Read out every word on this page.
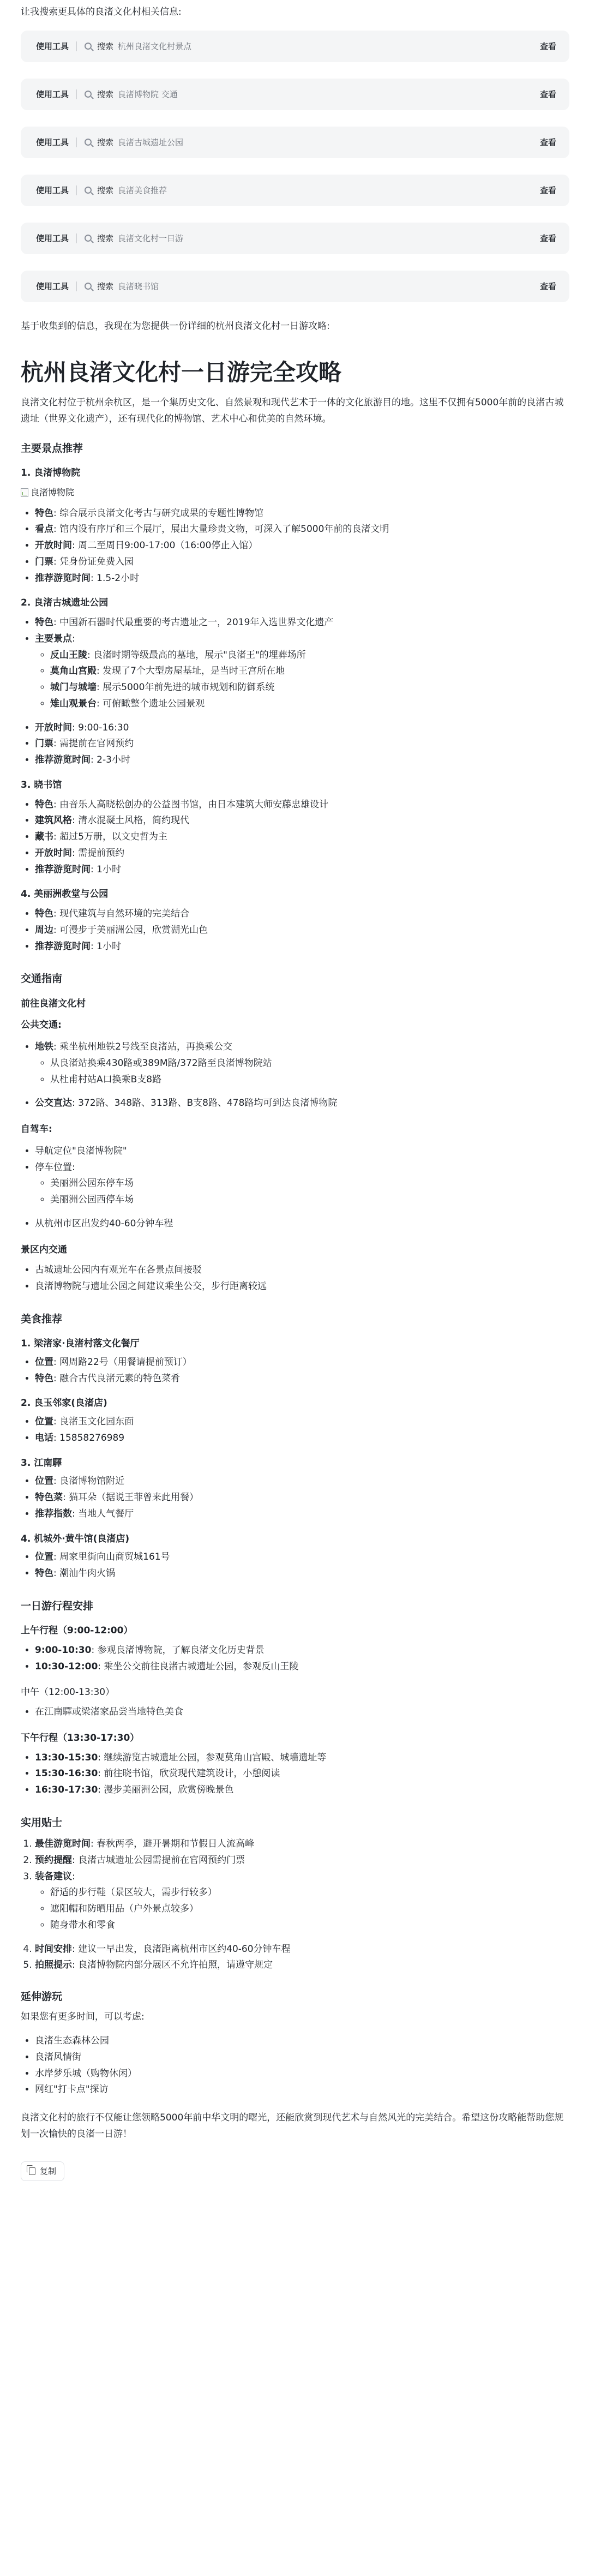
让我搜索更具体的良渚文化村相关信息:

使用工具	搜索 杭州良渚文化村景点	查看
使用工具	搜索 良渚博物院 交通	查看
使用工具	搜索 良渚古城遗址公园	查看
使用工具	搜索 良渚美食推荐	查看
使用工具	搜索 良渚文化村一日游	查看
使用工具	搜索 良渚晓书馆	查看

基于收集到的信息，我现在为您提供一份详细的杭州良渚文化村一日游攻略:

杭州良渚文化村一日游完全攻略

良渚文化村位于杭州余杭区，是一个集历史文化、自然景观和现代艺术于一体的文化旅游目的地。这里不仅拥有5000年前的良渚古城遗址（世界文化遗产），还有现代化的博物馆、艺术中心和优美的自然环境。

主要景点推荐
1. 良渚博物院
良渚博物院
• 特色: 综合展示良渚文化考古与研究成果的专题性博物馆
• 看点: 馆内设有序厅和三个展厅，展出大量珍贵文物，可深入了解5000年前的良渚文明
• 开放时间: 周二至周日9:00-17:00（16:00停止入馆）
• 门票: 凭身份证免费入园
• 推荐游览时间: 1.5-2小时
2. 良渚古城遗址公园
• 特色: 中国新石器时代最重要的考古遗址之一，2019年入选世界文化遗产
• 主要景点:
◦ 反山王陵: 良渚时期等级最高的墓地，展示"良渚王"的埋葬场所
◦ 莫角山宫殿: 发现了7个大型房屋基址，是当时王宫所在地
◦ 城门与城墙: 展示5000年前先进的城市规划和防御系统
◦ 雉山观景台: 可俯瞰整个遗址公园景观
• 开放时间: 9:00-16:30
• 门票: 需提前在官网预约
• 推荐游览时间: 2-3小时
3. 晓书馆
• 特色: 由音乐人高晓松创办的公益图书馆，由日本建筑大师安藤忠雄设计
• 建筑风格: 清水混凝土风格，简约现代
• 藏书: 超过5万册，以文史哲为主
• 开放时间: 需提前预约
• 推荐游览时间: 1小时
4. 美丽洲教堂与公园
• 特色: 现代建筑与自然环境的完美结合
• 周边: 可漫步于美丽洲公园，欣赏湖光山色
• 推荐游览时间: 1小时
交通指南
前往良渚文化村
公共交通:
• 地铁: 乘坐杭州地铁2号线至良渚站，再换乘公交
◦ 从良渚站换乘430路或389M路/372路至良渚博物院站
◦ 从杜甫村站A口换乘B支8路
• 公交直达: 372路、348路、313路、B支8路、478路均可到达良渚博物院
自驾车:
• 导航定位"良渚博物院"
• 停车位置:
◦ 美丽洲公园东停车场
◦ 美丽洲公园西停车场
• 从杭州市区出发约40-60分钟车程
景区内交通
• 古城遗址公园内有观光车在各景点间接驳
• 良渚博物院与遗址公园之间建议乘坐公交，步行距离较远
美食推荐
1. 梁渚家·良渚村落文化餐厅
• 位置: 网周路22号（用餐请提前预订）
• 特色: 融合古代良渚元素的特色菜肴
2. 良玉邻家(良渚店)
• 位置: 良渚玉文化园东面
• 电话: 15858276989
3. 江南驛
• 位置: 良渚博物馆附近
• 特色菜: 猫耳朵（据说王菲曾来此用餐）
• 推荐指数: 当地人气餐厅
4. 机城外·黄牛馆(良渚店)
• 位置: 周家里街向山商贸城161号
• 特色: 潮汕牛肉火锅
一日游行程安排
上午行程（9:00-12:00）
• 9:00-10:30: 参观良渚博物院，了解良渚文化历史背景
• 10:30-12:00: 乘坐公交前往良渚古城遗址公园，参观反山王陵
中午（12:00-13:30）
• 在江南驛或梁渚家品尝当地特色美食
下午行程（13:30-17:30）
• 13:30-15:30: 继续游览古城遗址公园，参观莫角山宫殿、城墙遗址等
• 15:30-16:30: 前往晓书馆，欣赏现代建筑设计，小憩阅读
• 16:30-17:30: 漫步美丽洲公园，欣赏傍晚景色
实用贴士
1. 最佳游览时间: 春秋两季，避开暑期和节假日人流高峰
2. 预约提醒: 良渚古城遗址公园需提前在官网预约门票
3. 装备建议:
◦ 舒适的步行鞋（景区较大，需步行较多）
◦ 遮阳帽和防晒用品（户外景点较多）
◦ 随身带水和零食
4. 时间安排: 建议一早出发，良渚距离杭州市区约40-60分钟车程
5. 拍照提示: 良渚博物院内部分展区不允许拍照，请遵守规定
延伸游玩

如果您有更多时间，可以考虑:

• 良渚生态森林公园
• 良渚风情街
• 水岸梦乐城（购物休闲）
• 网红"打卡点"探访

良渚文化村的旅行不仅能让您领略5000年前中华文明的曙光，还能欣赏到现代艺术与自然风光的完美结合。希望这份攻略能帮助您规划一次愉快的良渚一日游！

复制
